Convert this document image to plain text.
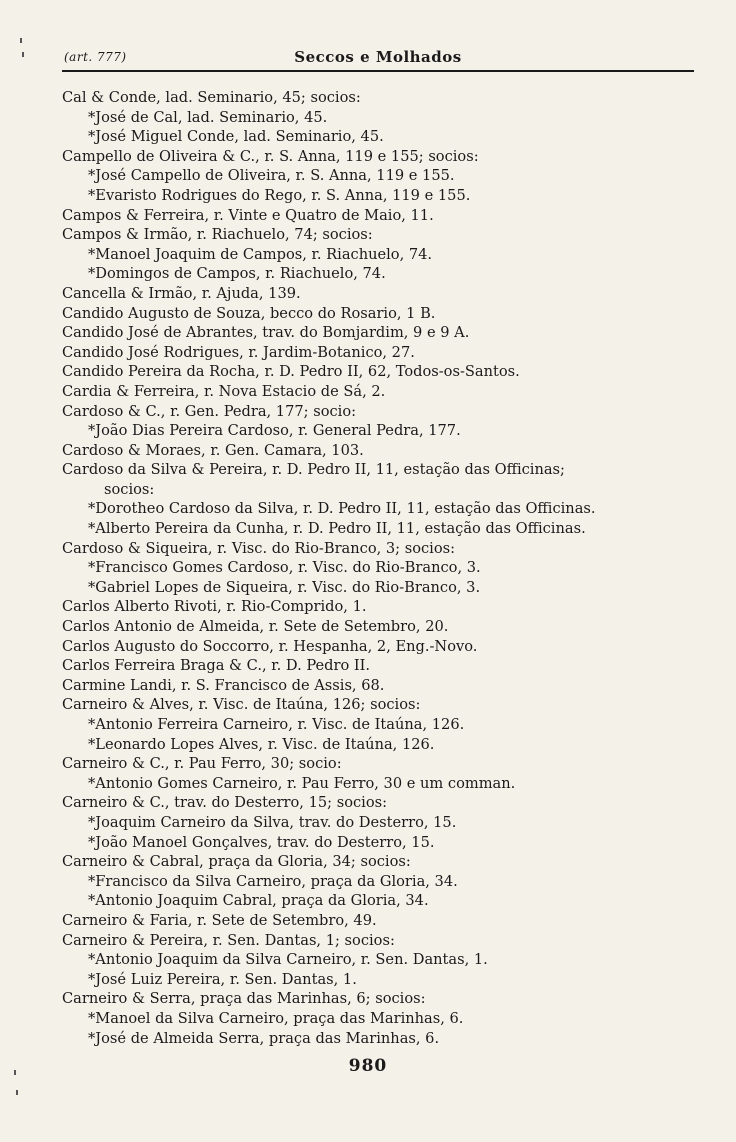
(art. 777)	Seccos e Molhados
Cal & Conde, lad. Seminario, 45; socios:
*José de Cal, lad. Seminario, 45.
*José Miguel Conde, lad. Seminario, 45.
Campello de Oliveira & C., r. S. Anna, 119 e 155; socios:
*José Campello de Oliveira, r. S. Anna, 119 e 155.
*Evaristo Rodrigues do Rego, r. S. Anna, 119 e 155.
Campos & Ferreira, r. Vinte e Quatro de Maio, 11.
Campos & Irmão, r. Riachuelo, 74; socios:
*Manoel Joaquim de Campos, r. Riachuelo, 74.
*Domingos de Campos, r. Riachuelo, 74.
Cancella & Irmão, r. Ajuda, 139.
Candido Augusto de Souza, becco do Rosario, 1 B.
Candido José de Abrantes, trav. do Bomjardim, 9 e 9 A.
Candido José Rodrigues, r. Jardim-Botanico, 27.
Candido Pereira da Rocha, r. D. Pedro II, 62, Todos-os-Santos.
Cardia & Ferreira, r. Nova Estacio de Sá, 2.
Cardoso & C., r. Gen. Pedra, 177; socio:
*João Dias Pereira Cardoso, r. General Pedra, 177.
Cardoso & Moraes, r. Gen. Camara, 103.
Cardoso da Silva & Pereira, r. D. Pedro II, 11, estação das Officinas;
socios:
*Dorotheo Cardoso da Silva, r. D. Pedro II, 11, estação das Officinas.
*Alberto Pereira da Cunha, r. D. Pedro II, 11, estação das Officinas.
Cardoso & Siqueira, r. Visc. do Rio-Branco, 3; socios:
*Francisco Gomes Cardoso, r. Visc. do Rio-Branco, 3.
*Gabriel Lopes de Siqueira, r. Visc. do Rio-Branco, 3.
Carlos Alberto Rivoti, r. Rio-Comprido, 1.
Carlos Antonio de Almeida, r. Sete de Setembro, 20.
Carlos Augusto do Soccorro, r. Hespanha, 2, Eng.-Novo.
Carlos Ferreira Braga & C., r. D. Pedro II.
Carmine Landi, r. S. Francisco de Assis, 68.
Carneiro & Alves, r. Visc. de Itaúna, 126; socios:
*Antonio Ferreira Carneiro, r. Visc. de Itaúna, 126.
*Leonardo Lopes Alves, r. Visc. de Itaúna, 126.
Carneiro & C., r. Pau Ferro, 30; socio:
*Antonio Gomes Carneiro, r. Pau Ferro, 30 e um comman.
Carneiro & C., trav. do Desterro, 15; socios:
*Joaquim Carneiro da Silva, trav. do Desterro, 15.
*João Manoel Gonçalves, trav. do Desterro, 15.
Carneiro & Cabral, praça da Gloria, 34; socios:
*Francisco da Silva Carneiro, praça da Gloria, 34.
*Antonio Joaquim Cabral, praça da Gloria, 34.
Carneiro & Faria, r. Sete de Setembro, 49.
Carneiro & Pereira, r. Sen. Dantas, 1; socios:
*Antonio Joaquim da Silva Carneiro, r. Sen. Dantas, 1.
*José Luiz Pereira, r. Sen. Dantas, 1.
Carneiro & Serra, praça das Marinhas, 6; socios:
*Manoel da Silva Carneiro, praça das Marinhas, 6.
*José de Almeida Serra, praça das Marinhas, 6.
980
